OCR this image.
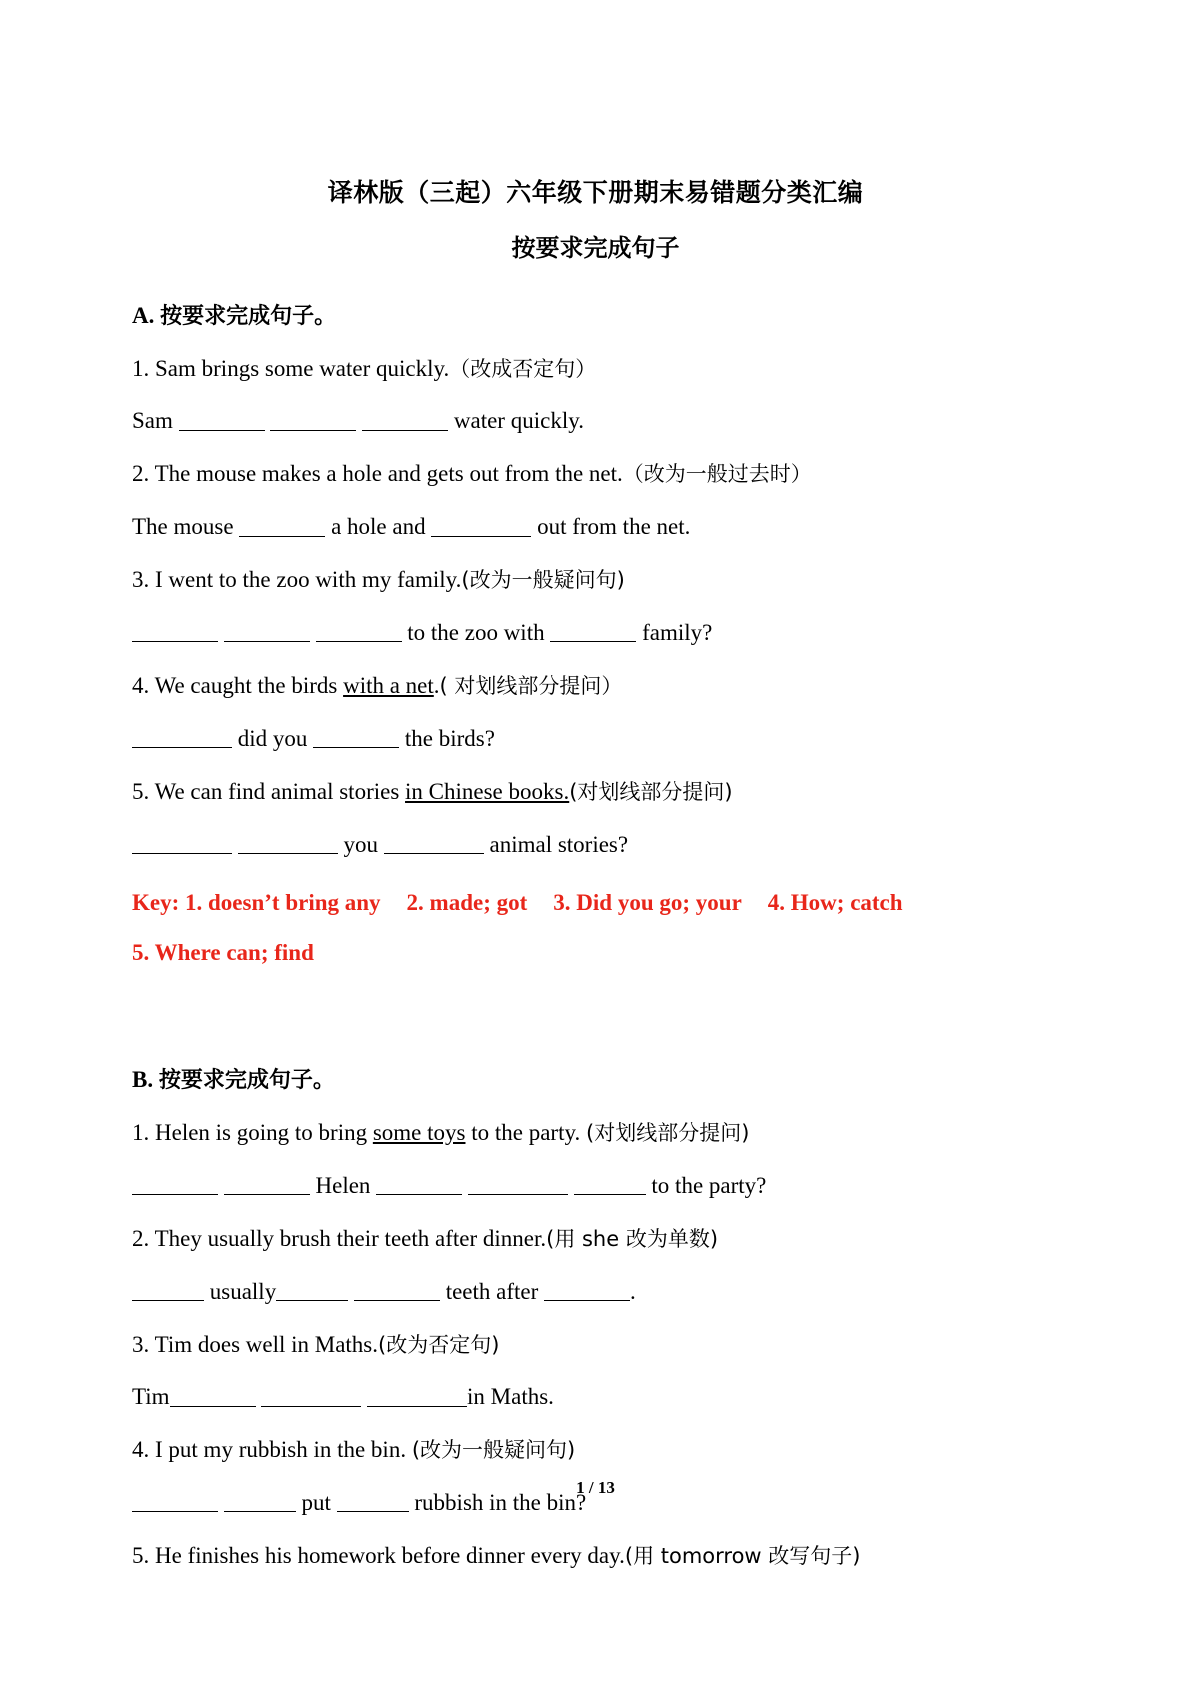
译林版（三起）六年级下册期末易错题分类汇编
按要求完成句子

A. 按要求完成句子。

1. Sam brings some water quickly.（改成否定句）

Sam	water quickly.

2. The mouse makes a hole and gets out from the net.（改为一般过去时）

The mouse	a hole and	out from the net.

3. I went to the zoo with my family.(改为一般疑问句)

to the zoo with	family?

4. We caught the birds with a net.( 对划线部分提问）

did you	the birds?

5. We can find animal stories in Chinese books.(对划线部分提问)

you	animal stories?

Key: 1. doesn’t bring any 2. made; got 3. Did you go; your 4. How; catch

5. Where can; find

B. 按要求完成句子。

1. Helen is going to bring some toys to the party. (对划线部分提问)

Helen	to the party?

2. They usually brush their teeth after dinner.(用 she 改为单数)

usually	teeth after	.

3. Tim does well in Maths.(改为否定句)

Tim	in Maths.

4. I put my rubbish in the bin. (改为一般疑问句)

put	rubbish in the bin?

5. He finishes his homework before dinner every day.(用 tomorrow 改写句子)

1 / 13
